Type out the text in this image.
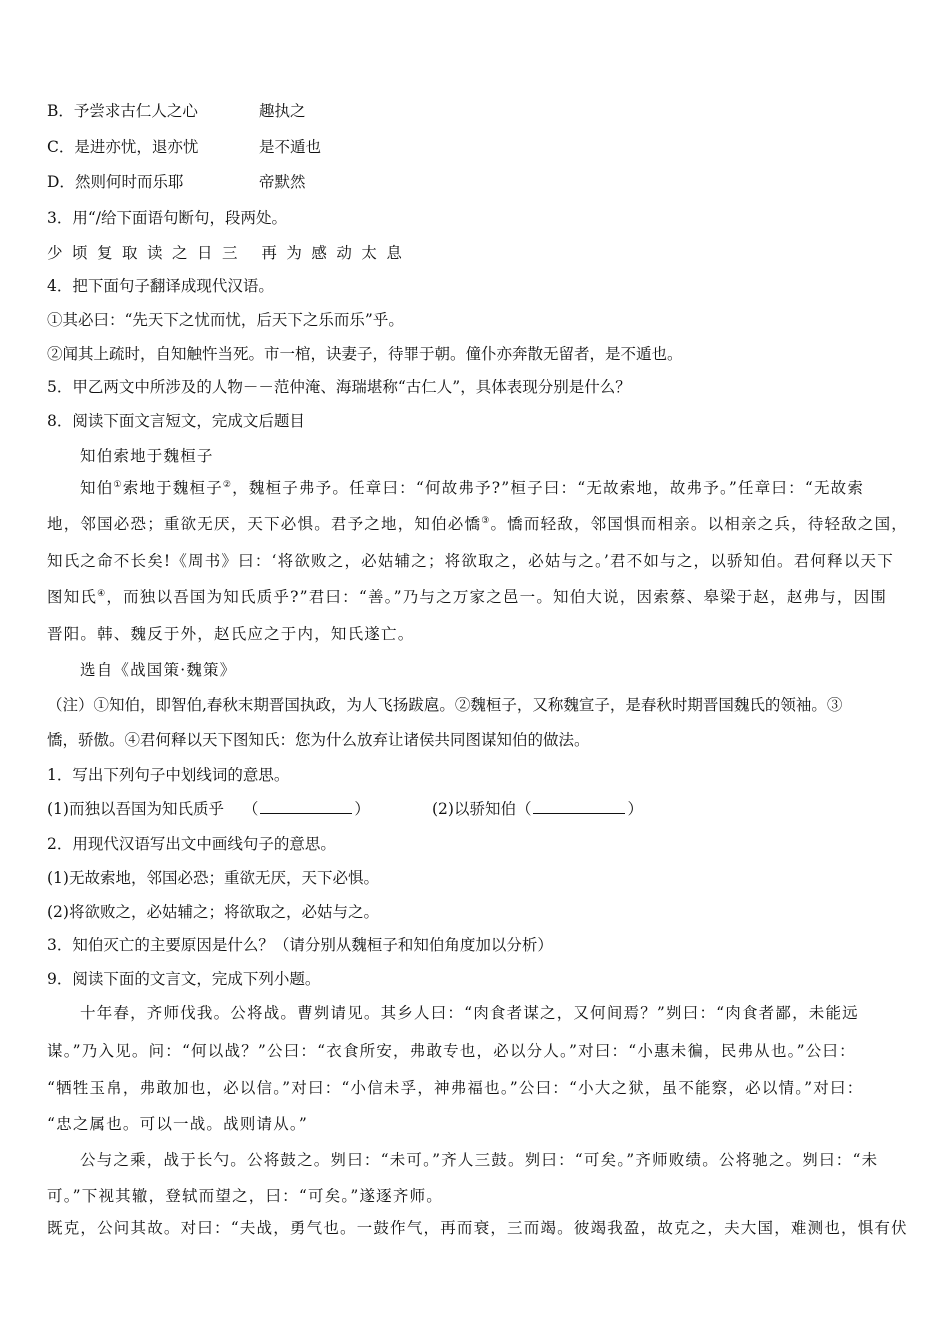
B．予尝求古仁人之心	趣执之
C．是进亦忧，退亦忧	是不遁也
D．然则何时而乐耶	帝默然
3．用“/给下面语句断句，段两处。
少顷复取读之日三 再为感动太息
4．把下面句子翻译成现代汉语。
①其必曰：“先天下之忧而忧，后天下之乐而乐”乎。
②闻其上疏时，自知触忤当死。市一棺，诀妻子，待罪于朝。僮仆亦奔散无留者，是不遁也。
5．甲乙两文中所涉及的人物－－范仲淹、海瑞堪称“古仁人”，具体表现分别是什么？
8．阅读下面文言短文，完成文后题目
知伯索地于魏桓子
知伯①索地于魏桓子②，魏桓子弗予。任章曰：“何故弗予?”桓子曰：“无故索地，故弗予。”任章曰：“无故索
地，邻国必恐；重欲无厌，天下必惧。君予之地，知伯必憍③。憍而轻敌，邻国惧而相亲。以相亲之兵，待轻敌之国，
知氏之命不长矣!《周书》曰：‘将欲败之，必姑辅之；将欲取之，必姑与之。’君不如与之，以骄知伯。君何释以天下
图知氏④，而独以吾国为知氏质乎?”君曰：“善。”乃与之万家之邑一。知伯大说，因索蔡、皋梁于赵，赵弗与，因围
晋阳。韩、魏反于外，赵氏应之于内，知氏遂亡。
选自《战国策·魏策》
（注）①知伯，即智伯,春秋末期晋国执政，为人飞扬跋扈。②魏桓子，又称魏宣子，是春秋时期晋国魏氏的领袖。③
憍，骄傲。④君何释以天下图知氏：您为什么放弃让诸侯共同图谋知伯的做法。
1．写出下列句子中划线词的意思。
(1)而独以吾国为知氏质乎 （	）	(2)以骄知伯（	）
2．用现代汉语写出文中画线句子的意思。
(1)无故索地，邻国必恐；重欲无厌，天下必惧。
(2)将欲败之，必姑辅之；将欲取之，必姑与之。
3．知伯灭亡的主要原因是什么？（请分别从魏桓子和知伯角度加以分析）
9．阅读下面的文言文，完成下列小题。
十年春，齐师伐我。公将战。曹刿请见。其乡人曰：“肉食者谋之，又何间焉？”刿曰：“肉食者鄙，未能远
谋。”乃入见。问：“何以战？”公曰：“衣食所安，弗敢专也，必以分人。”对曰：“小惠未徧，民弗从也。”公曰：
“牺牲玉帛，弗敢加也，必以信。”对曰：“小信未孚，神弗福也。”公曰：“小大之狱，虽不能察，必以情。”对曰：
“忠之属也。可以一战。战则请从。”
公与之乘，战于长勺。公将鼓之。刿曰：“未可。”齐人三鼓。刿曰：“可矣。”齐师败绩。公将驰之。刿曰：“未
可。”下视其辙，登轼而望之，曰：“可矣。”遂逐齐师。
既克，公问其故。对曰：“夫战，勇气也。一鼓作气，再而衰，三而竭。彼竭我盈，故克之，夫大国，难测也，惧有伏
